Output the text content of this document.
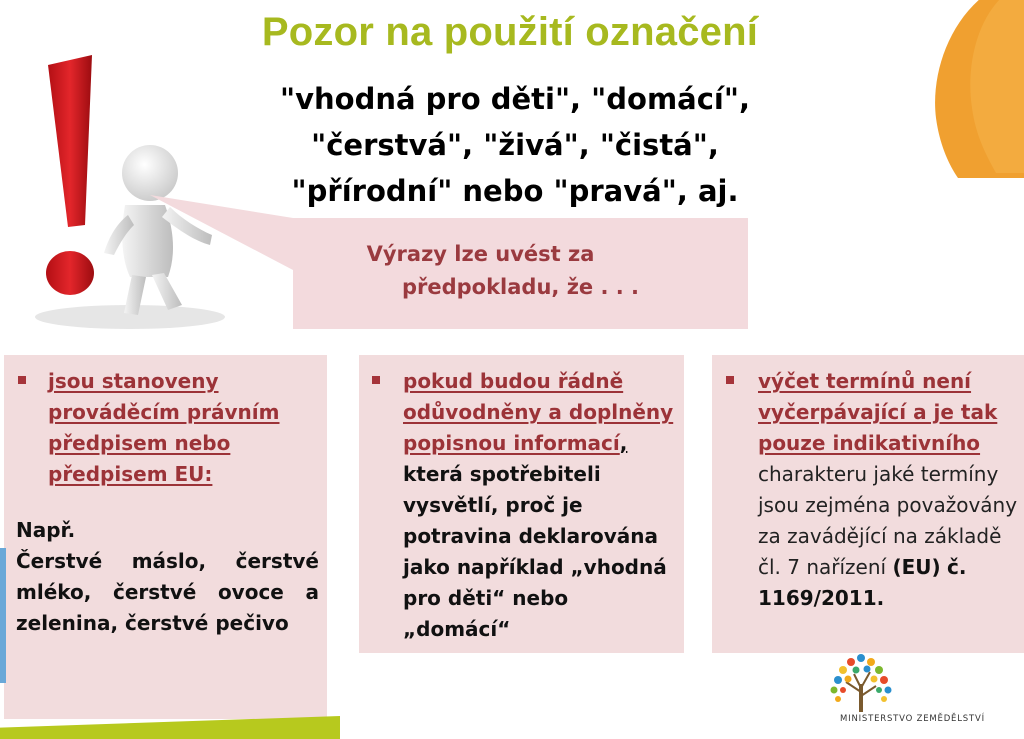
Pozor na použití označení
"vhodná pro děti", "domácí",
"čerstvá", "živá", "čistá",
"přírodní" nebo "pravá", aj.
Výrazy lze uvést za
předpokladu, že . . .
jsou stanoveny prováděcím právním předpisem nebo předpisem EU:
Např.
Čerstvé máslo, čerstvé mléko, čerstvé ovoce a zelenina, čerstvé pečivo
pokud budou řádně odůvodněny a doplněny popisnou informací, která spotřebiteli vysvětlí, proč je potravina deklarována jako například „vhodná pro děti“ nebo „domácí“
výčet termínů není vyčerpávající a je tak pouze indikativního charakteru jaké termíny jsou zejména považovány za zavádějící na základě čl. 7 nařízení (EU) č. 1169/2011.
MINISTERSTVO ZEMĚDĚLSTVÍ
